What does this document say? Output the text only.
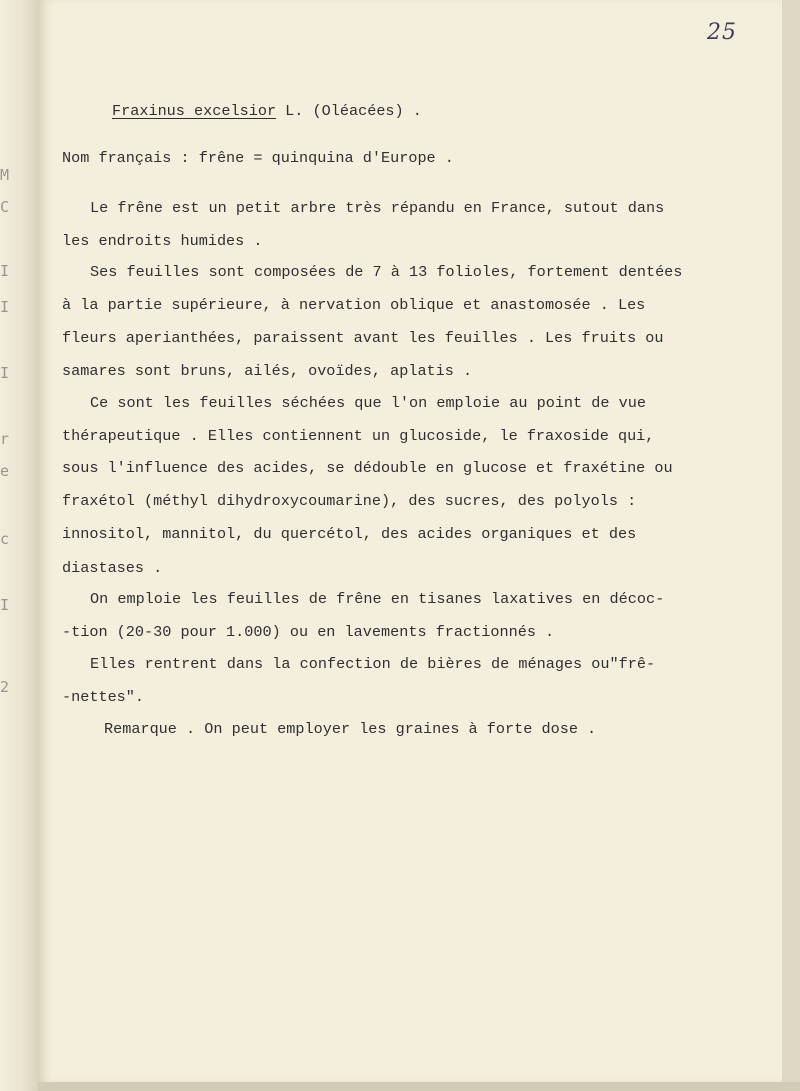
M
C
I
I
I
r
e
c
I
2
25
Fraxinus excelsior L. (Oléacées) .
Nom français : frêne = quinquina d'Europe .
Le frêne est un petit arbre très répandu en France, sutout dans
les endroits humides .
Ses feuilles sont composées de 7 à 13 folioles, fortement dentées
à la partie supérieure, à nervation oblique et anastomosée . Les
fleurs aperianthées, paraissent avant les feuilles . Les fruits ou
samares sont bruns, ailés, ovoïdes, aplatis .
Ce sont les feuilles séchées que l'on emploie au point de vue
thérapeutique . Elles contiennent un glucoside, le fraxoside qui,
sous l'influence des acides, se dédouble en glucose et fraxétine ou
fraxétol (méthyl dihydroxycoumarine), des sucres, des polyols :
innositol, mannitol, du quercétol, des acides organiques et des
diastases .
On emploie les feuilles de frêne en tisanes laxatives en décoc-
-tion (20-30 pour 1.000) ou en lavements fractionnés .
Elles rentrent dans la confection de bières de ménages ou"frê-
-nettes".
Remarque . On peut employer les graines à forte dose .
